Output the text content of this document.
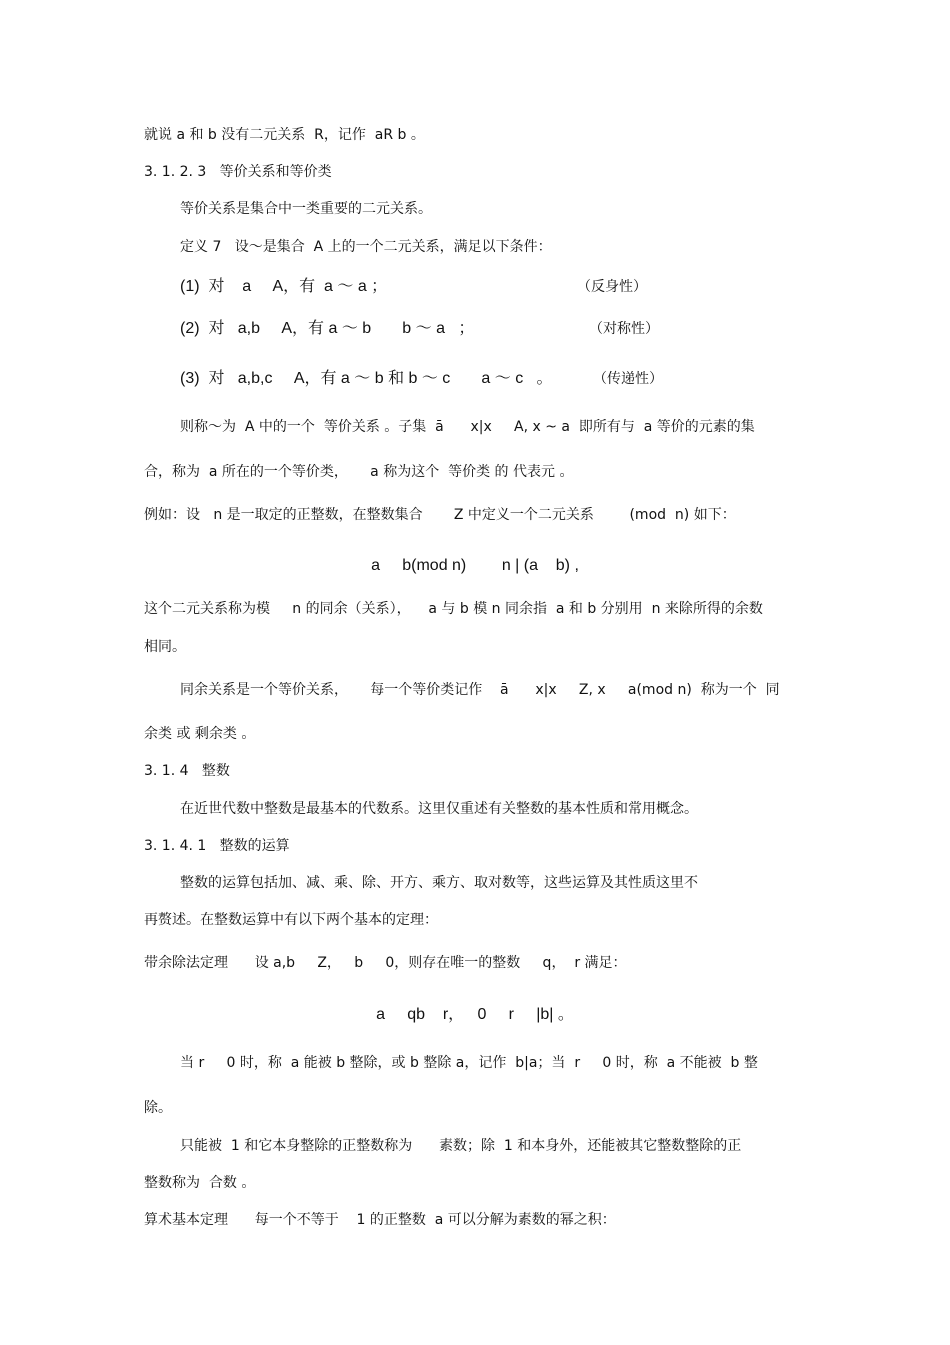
就说 a 和 b 没有二元关系  R，记作  aR b 。
3. 1. 2. 3   等价关系和等价类
等价关系是集合中一类重要的二元关系。
定义 7   设～是集合  A 上的一个二元关系，满足以下条件：
(1)  对    a     A，有  a ～ a ；	（反身性）
(2)  对   a,b     A，有 a ～ b       b ～ a   ；	（对称性）
(3)  对   a,b,c     A，有 a ～ b 和 b ～ c       a ～ c   。	（传递性）
则称～为  A 中的一个  等价关系 。子集  ā      x|x     A, x ~ a  即所有与  a 等价的元素的集
合，称为  a 所在的一个等价类，     a 称为这个  等价类 的 代表元 。
例如：设   n 是一取定的正整数，在整数集合       Z 中定义一个二元关系        (mod  n) 如下：
a     b(mod n)        n | (a    b) ,
这个二元关系称为模     n 的同余（关系），    a 与 b 模 n 同余指  a 和 b 分别用  n 来除所得的余数
相同。
同余关系是一个等价关系，     每一个等价类记作    ā      x|x     Z, x     a(mod n)  称为一个  同
余类 或 剩余类 。
3. 1. 4   整数
在近世代数中整数是最基本的代数系。这里仅重述有关整数的基本性质和常用概念。
3. 1. 4. 1   整数的运算
整数的运算包括加、减、乘、除、开方、乘方、取对数等，这些运算及其性质这里不
再赘述。在整数运算中有以下两个基本的定理：
带余除法定理      设 a,b     Z，   b     0，则存在唯一的整数     q，  r 满足：
a     qb    r，   0     r     |b| 。
当 r     0 时，称  a 能被 b 整除，或 b 整除 a，记作  b|a；当  r     0 时，称  a 不能被  b 整
除。
只能被  1 和它本身整除的正整数称为      素数；除  1 和本身外，还能被其它整数整除的正
整数称为  合数 。
算术基本定理      每一个不等于    1 的正整数  a 可以分解为素数的幂之积：
